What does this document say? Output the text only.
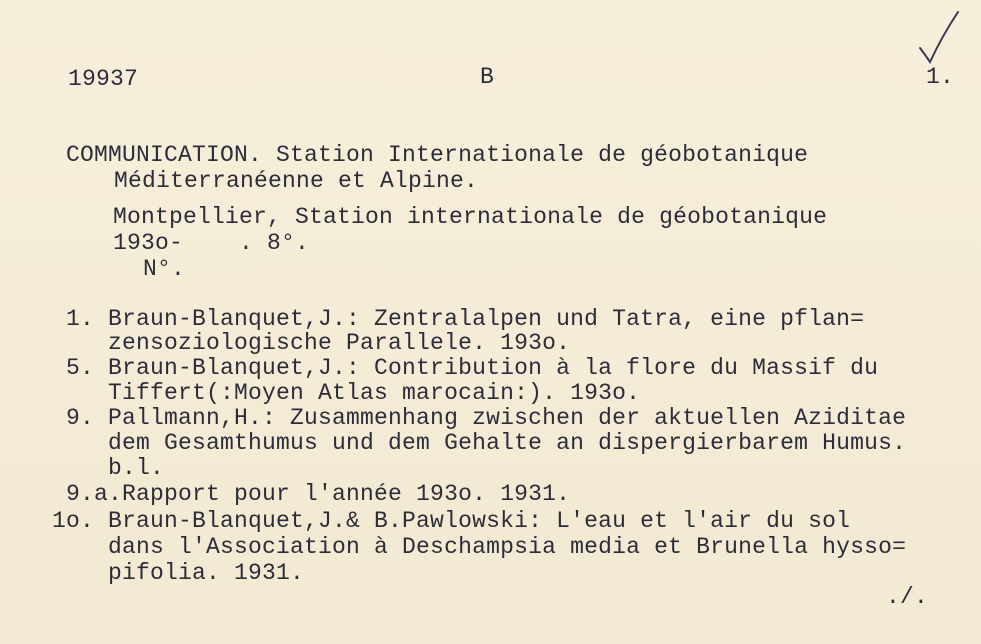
19937	B	1.
COMMUNICATION. Station Internationale de géobotanique
Méditerranéenne et Alpine.
Montpellier, Station internationale de géobotanique
193o-    . 8°.
N°.
1. Braun-Blanquet,J.: Zentralalpen und Tatra, eine pflan=
zensoziologische Parallele. 193o.
5. Braun-Blanquet,J.: Contribution à la flore du Massif du
Tiffert(:Moyen Atlas marocain:). 193o.
9. Pallmann,H.: Zusammenhang zwischen der aktuellen Aziditae
dem Gesamthumus und dem Gehalte an dispergierbarem Humus.
b.l.
9.a.Rapport pour l'année 193o. 1931.
1o. Braun-Blanquet,J.& B.Pawlowski: L'eau et l'air du sol
dans l'Association à Deschampsia media et Brunella hysso=
pifolia. 1931.
./.
